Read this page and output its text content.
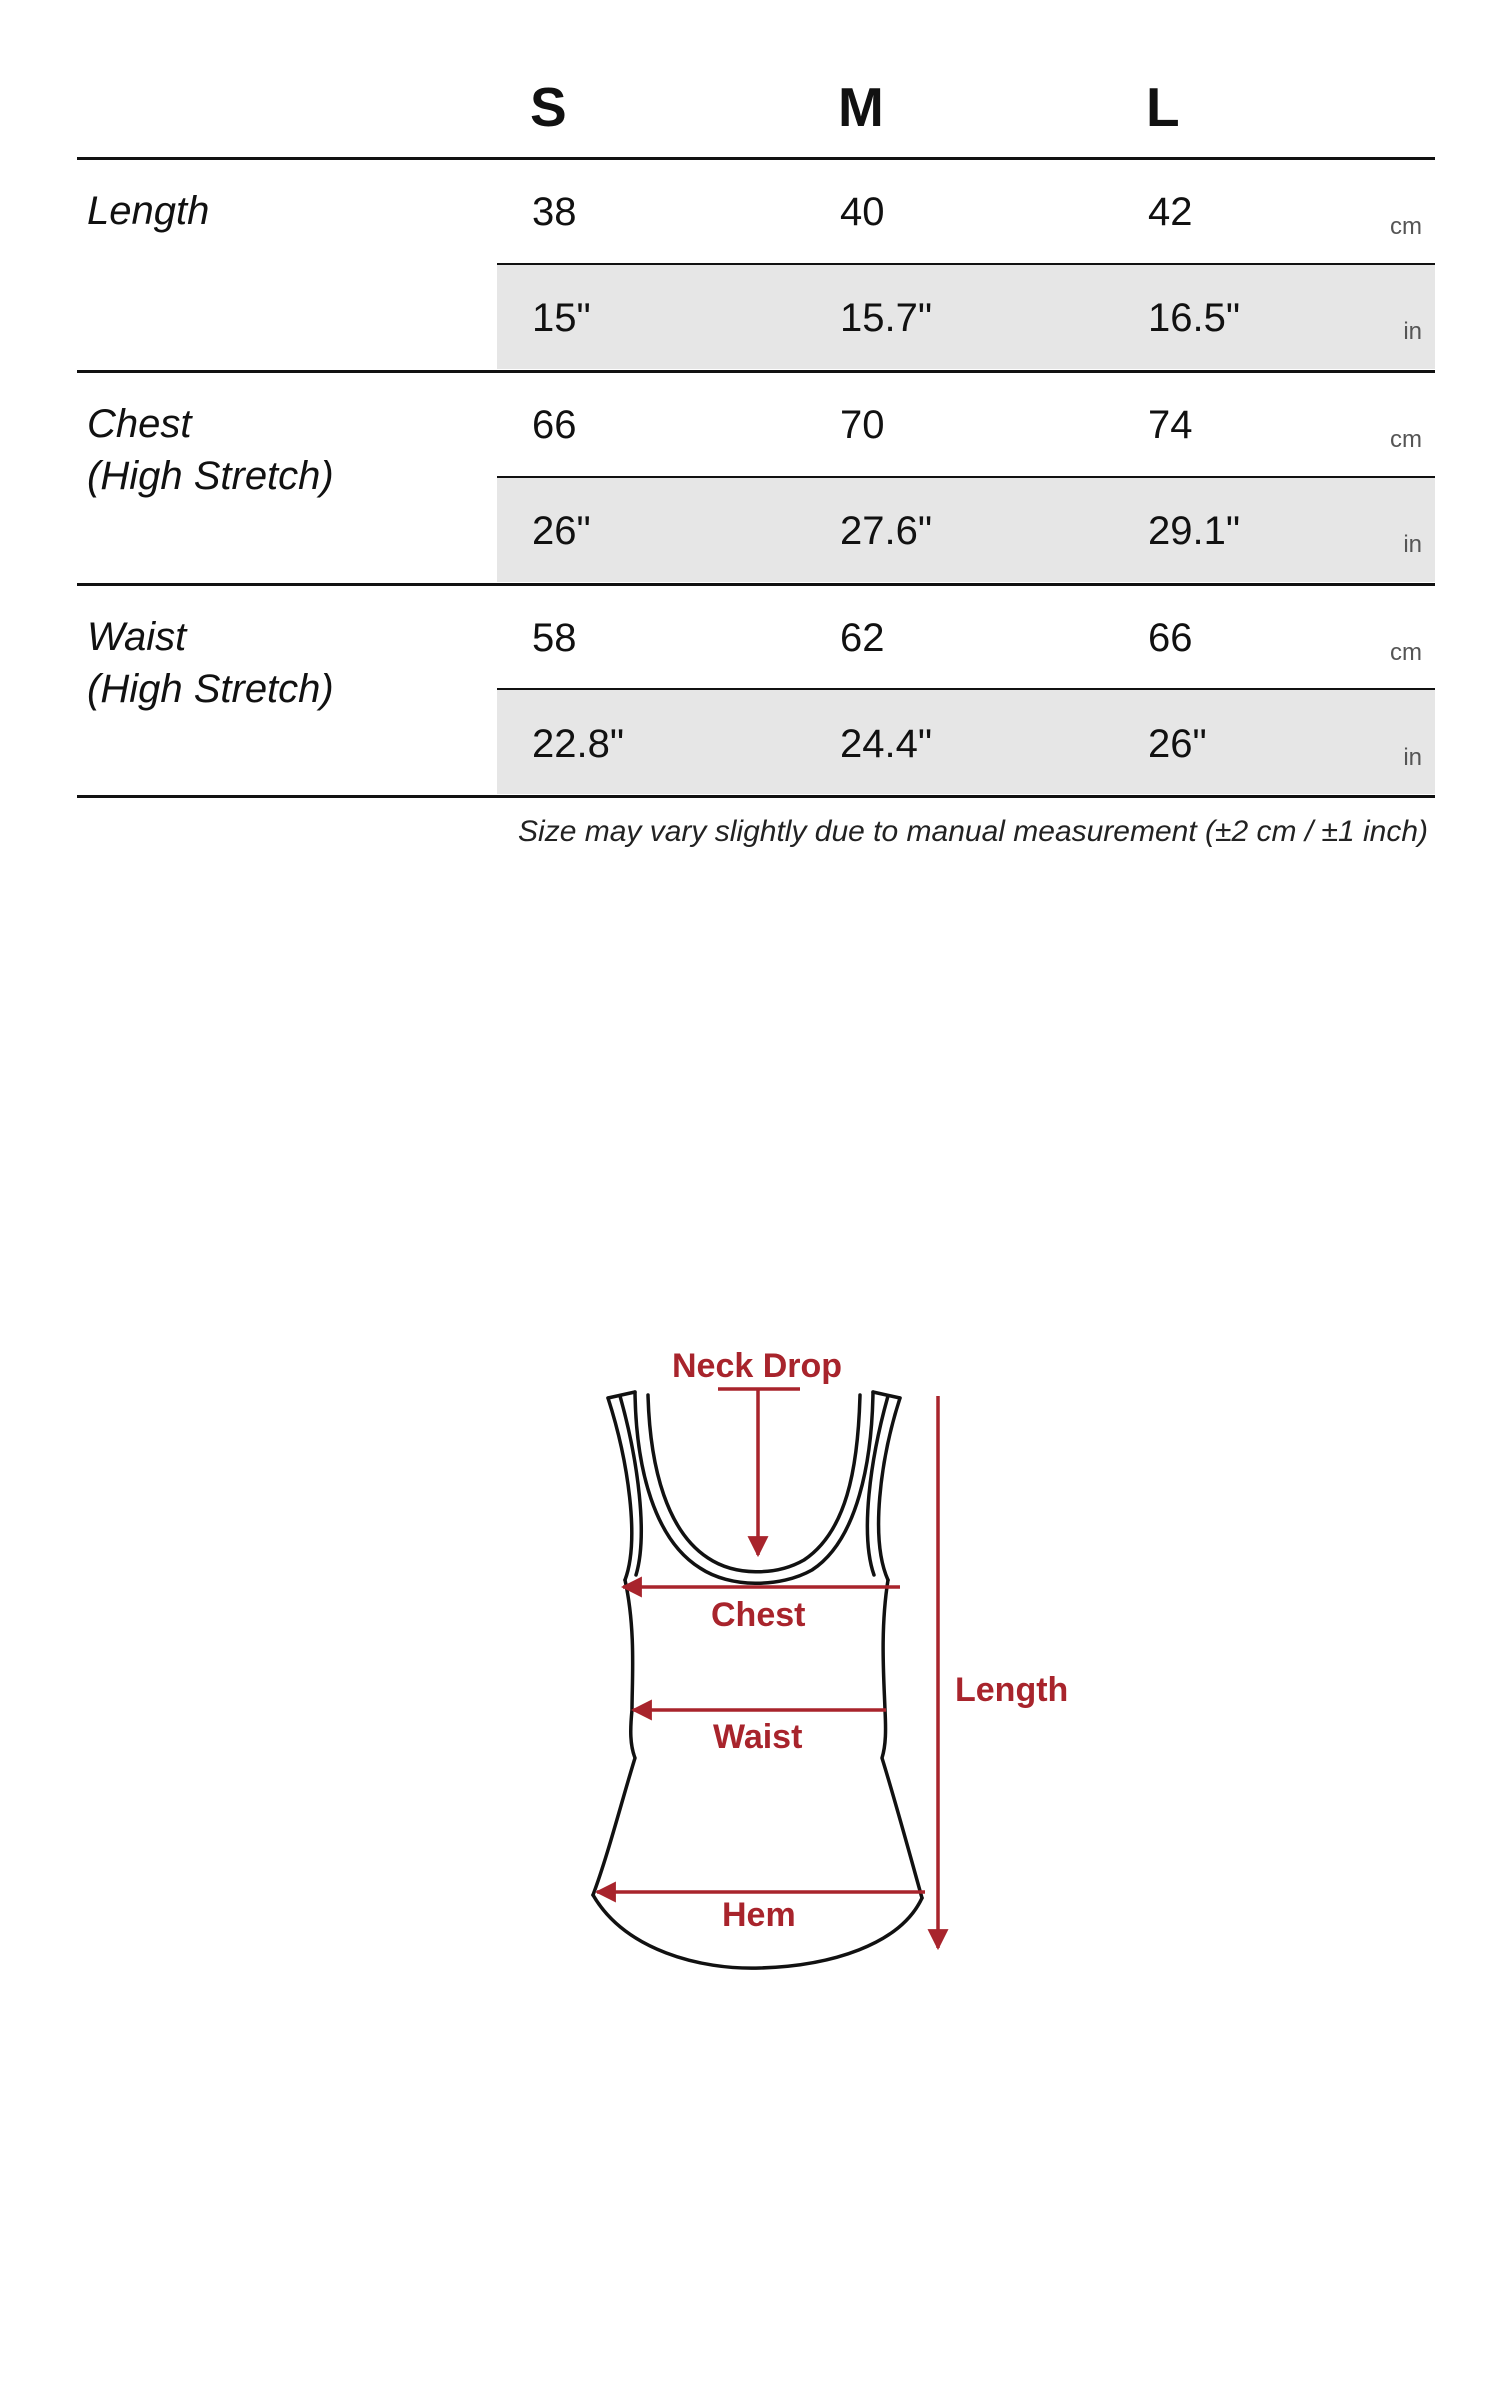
S	M	L
Length	38	40	42	cm
15"	15.7"	16.5"	in
Chest
(High Stretch)
66	70	74	cm
26"	27.6"	29.1"	in
Waist
(High Stretch)
58	62	66	cm
22.8"	24.4"	26"	in
Size may vary slightly due to manual measurement (±2 cm / ±1 inch)
Neck Drop
Chest
Waist
Hem
Length
